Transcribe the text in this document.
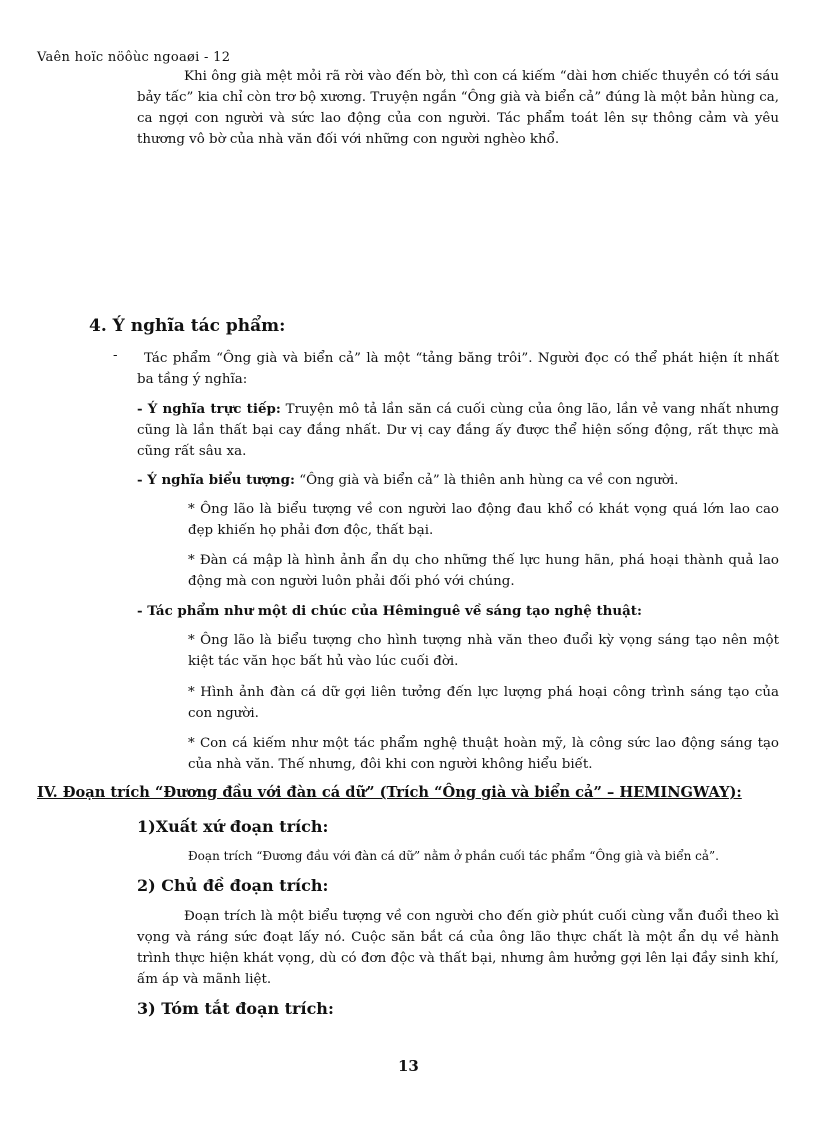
Vaên hoïc nöôùc ngoaøi - 12
Khi ông già mệt mỏi rã rời vào đến bờ, thì con cá kiếm “dài hơn chiếc thuyền có tới sáu bảy tấc” kia chỉ còn trơ bộ xương. Truyện ngắn “Ông già và biển cả” đúng là một bản hùng ca, ca ngợi con người và sức lao động của con người. Tác phẩm toát lên sự thông cảm và yêu thương vô bờ của nhà văn đối với những con người nghèo khổ.
4. Ý nghĩa tác phẩm:
-	Tác phẩm “Ông già và biển cả” là một “tảng băng trôi”. Người đọc có thể phát hiện ít nhất ba tầng ý nghĩa:
- Ý nghĩa trực tiếp: Truyện mô tả lần săn cá cuối cùng của ông lão, lần vẻ vang nhất nhưng cũng là lần thất bại cay đắng nhất. Dư vị cay đắng ấy được thể hiện sống động, rất thực mà cũng rất sâu xa.
- Ý nghĩa biểu tượng: “Ông già và biển cả” là thiên anh hùng ca về con người.
* Ông lão là biểu tượng về con người lao động đau khổ có khát vọng quá lớn lao cao đẹp khiến họ phải đơn độc, thất bại.
* Đàn cá mập là hình ảnh ẩn dụ cho những thế lực hung hãn, phá hoại thành quả lao động mà con người luôn phải đối phó với chúng.
- Tác phẩm như một di chúc của Hêminguê về sáng tạo nghệ thuật:
* Ông lão là biểu tượng cho hình tượng nhà văn theo đuổi kỳ vọng sáng tạo nên một kiệt tác văn học bất hủ vào lúc cuối đời.
* Hình ảnh đàn cá dữ gợi liên tưởng đến lực lượng phá hoại công trình sáng tạo của con người.
* Con cá kiếm như một tác phẩm nghệ thuật hoàn mỹ, là công sức lao động sáng tạo của nhà văn. Thế nhưng, đôi khi con người không hiểu biết.
IV. Đoạn trích “Đương đầu với đàn cá dữ” (Trích “Ông già và biển cả” – HEMINGWAY):
1)Xuất xứ đoạn trích:
Đoạn trích “Đương đầu với đàn cá dữ” nằm ở phần cuối tác phẩm “Ông già và biển cả”.
2) Chủ đề đoạn trích:
Đoạn trích là một biểu tượng về con người cho đến giờ phút cuối cùng vẫn đuổi theo kì vọng và ráng sức đoạt lấy nó. Cuộc săn bắt cá của ông lão thực chất là một ẩn dụ về hành trình thực hiện khát vọng, dù có đơn độc và thất bại, nhưng âm hưởng gợi lên lại đầy sinh khí, ấm áp và mãnh liệt.
3) Tóm tắt đoạn trích:
13
